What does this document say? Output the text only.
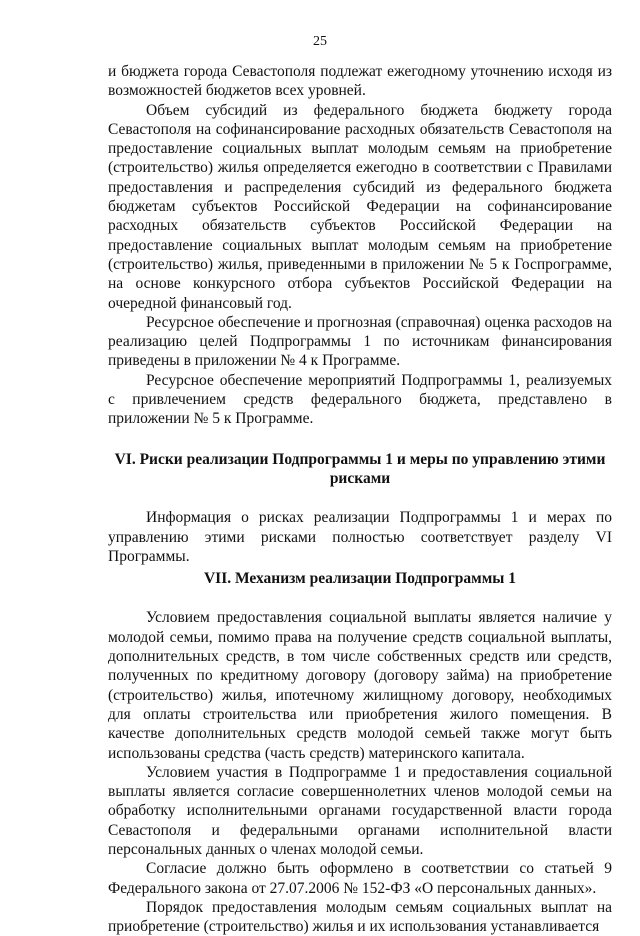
25

и бюджета города Севастополя подлежат ежегодному уточнению исходя из возможностей бюджетов всех уровней.

Объем субсидий из федерального бюджета бюджету города Севастополя на софинансирование расходных обязательств Севастополя на предоставление социальных выплат молодым семьям на приобретение (строительство) жилья определяется ежегодно в соответствии с Правилами предоставления и распределения субсидий из федерального бюджета бюджетам субъектов Российской Федерации на софинансирование расходных обязательств субъектов Российской Федерации на предоставление социальных выплат молодым семьям на приобретение (строительство) жилья, приведенными в приложении № 5 к Госпрограмме, на основе конкурсного отбора субъектов Российской Федерации на очередной финансовый год.

Ресурсное обеспечение и прогнозная (справочная) оценка расходов на реализацию целей Подпрограммы 1 по источникам финансирования приведены в приложении № 4 к Программе.

Ресурсное обеспечение мероприятий Подпрограммы 1, реализуемых с привлечением средств федерального бюджета, представлено в приложении № 5 к Программе.

VI. Риски реализации Подпрограммы 1 и меры по управлению этими рисками

Информация о рисках реализации Подпрограммы 1 и мерах по управлению этими рисками полностью соответствует разделу VI Программы.

VII. Механизм реализации Подпрограммы 1

Условием предоставления социальной выплаты является наличие у молодой семьи, помимо права на получение средств социальной выплаты, дополнительных средств, в том числе собственных средств или средств, полученных по кредитному договору (договору займа) на приобретение (строительство) жилья, ипотечному жилищному договору, необходимых для оплаты строительства или приобретения жилого помещения. В качестве дополнительных средств молодой семьей также могут быть использованы средства (часть средств) материнского капитала.

Условием участия в Подпрограмме 1 и предоставления социальной выплаты является согласие совершеннолетних членов молодой семьи на обработку исполнительными органами государственной власти города Севастополя и федеральными органами исполнительной власти персональных данных о членах молодой семьи.

Согласие должно быть оформлено в соответствии со статьей 9 Федерального закона от 27.07.2006 № 152-ФЗ «О персональных данных».

Порядок предоставления молодым семьям социальных выплат на приобретение (строительство) жилья и их использования устанавливается
